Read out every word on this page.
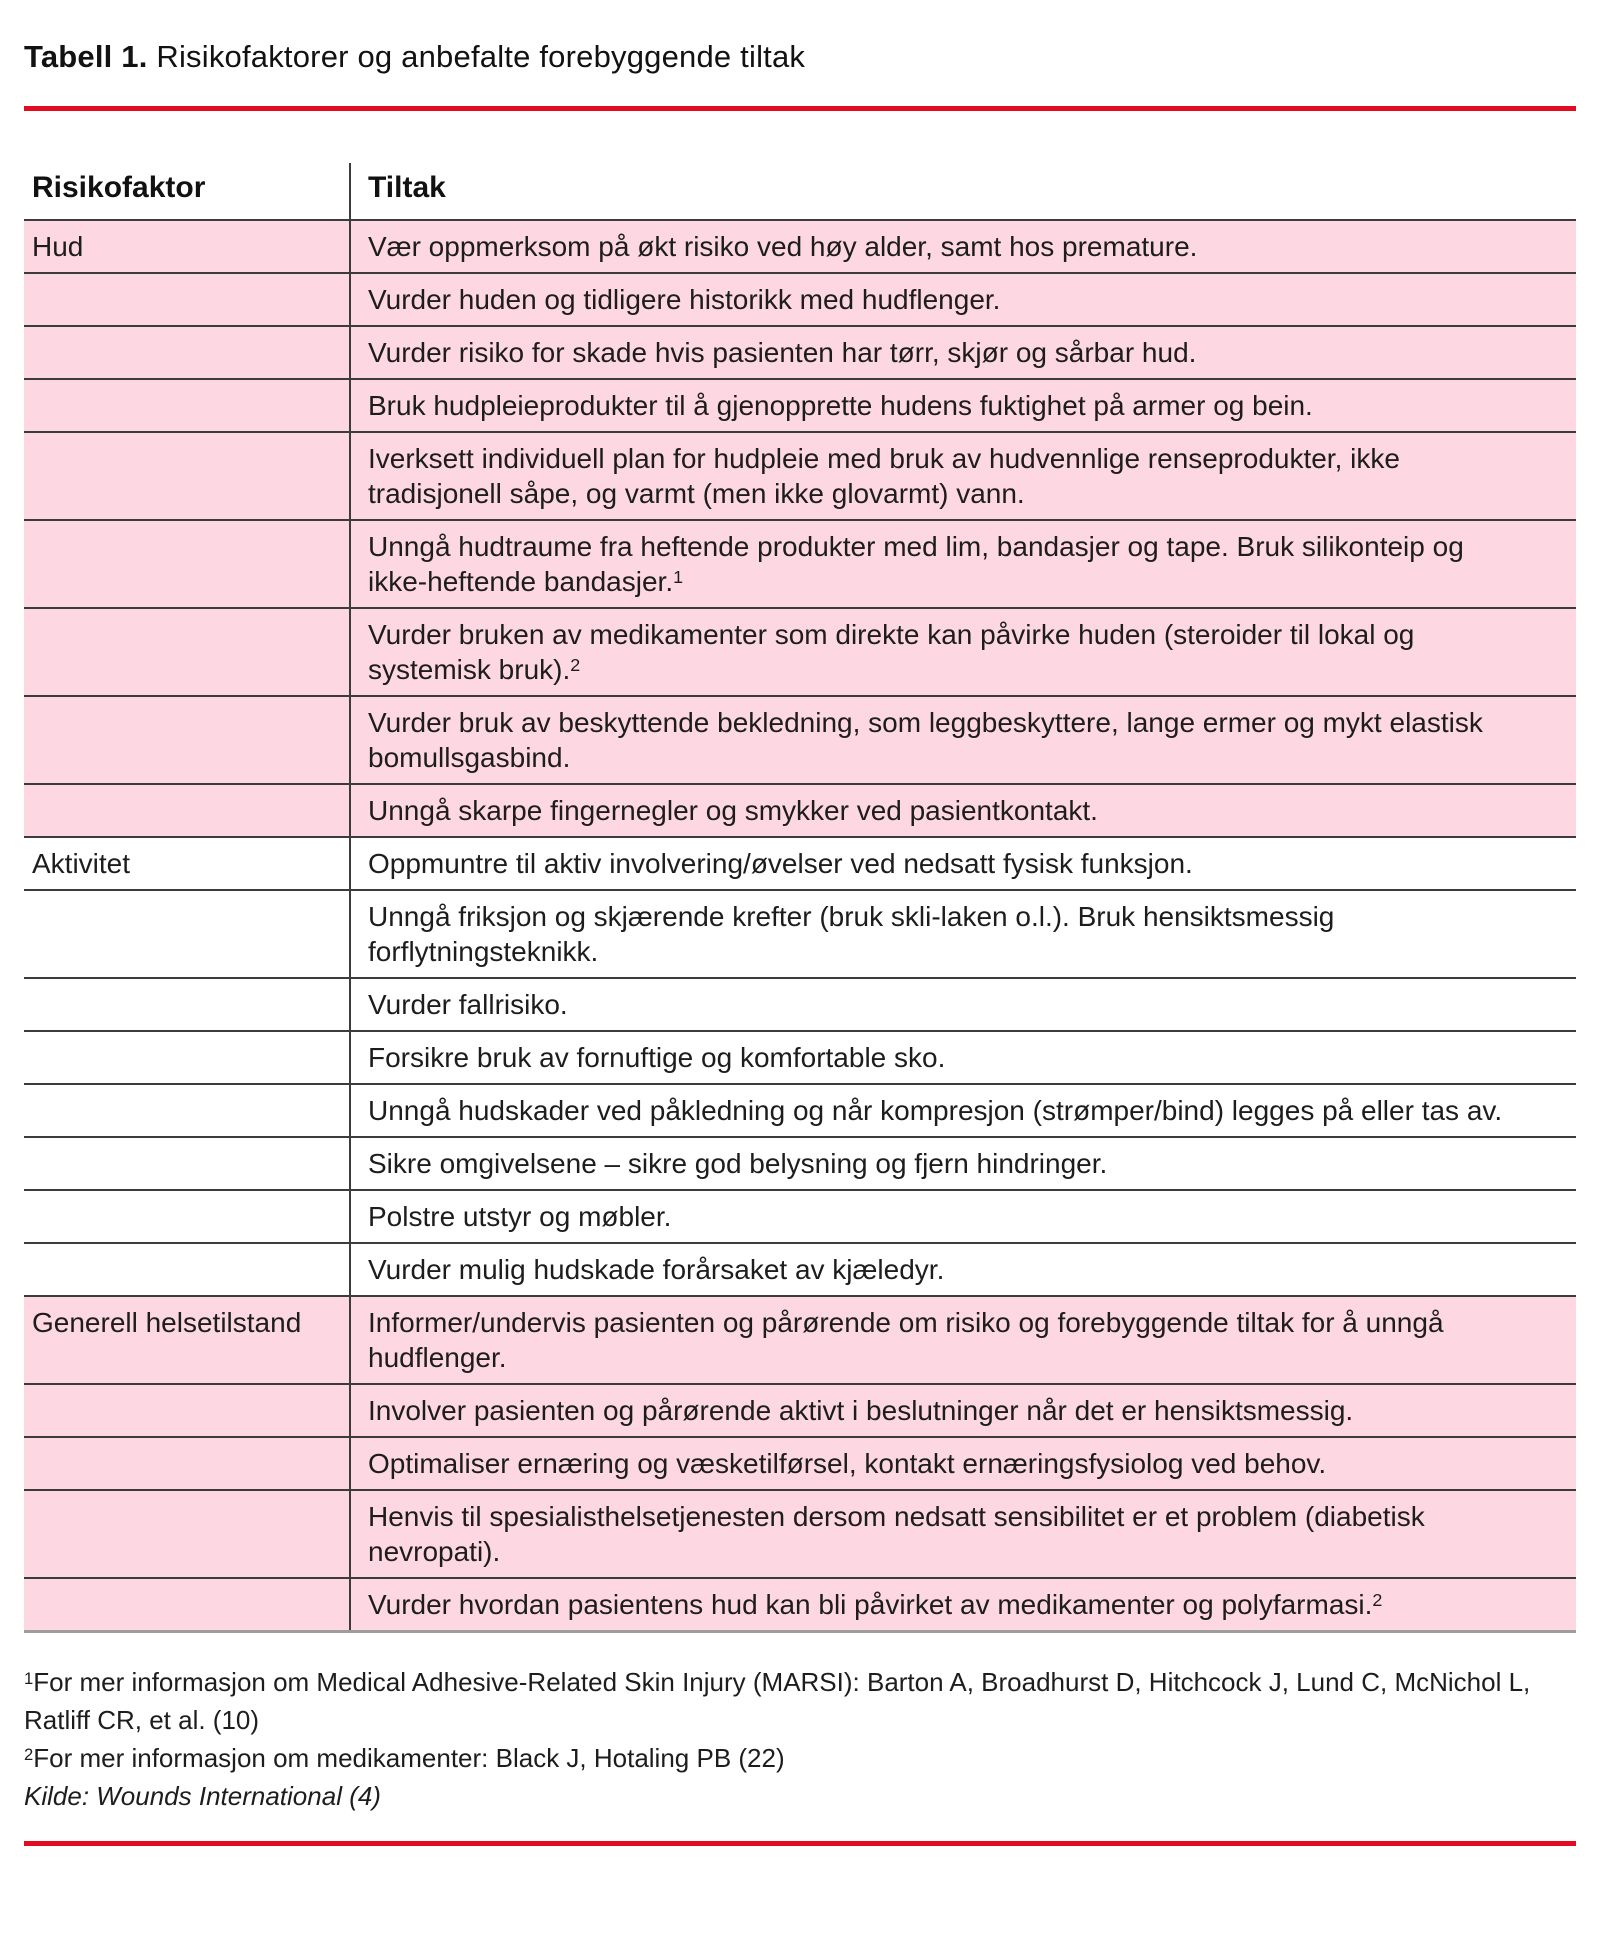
Tabell 1. Risikofaktorer og anbefalte forebyggende tiltak
Risikofaktor	Tiltak
Hud	Vær oppmerksom på økt risiko ved høy alder, samt hos premature.
	Vurder huden og tidligere historikk med hudflenger.
	Vurder risiko for skade hvis pasienten har tørr, skjør og sårbar hud.
	Bruk hudpleieprodukter til å gjenopprette hudens fuktighet på armer og bein.
	Iverksett individuell plan for hudpleie med bruk av hudvennlige renseprodukter, ikke tradisjonell såpe, og varmt (men ikke glovarmt) vann.
	Unngå hudtraume fra heftende produkter med lim, bandasjer og tape. Bruk silikonteip og ikke-heftende bandasjer.$^1$
	Vurder bruken av medikamenter som direkte kan påvirke huden (steroider til lokal og systemisk bruk).$^2$
	Vurder bruk av beskyttende bekledning, som leggbeskyttere, lange ermer og mykt elastisk bomullsgasbind.
	Unngå skarpe fingernegler og smykker ved pasientkontakt.
Aktivitet	Oppmuntre til aktiv involvering/øvelser ved nedsatt fysisk funksjon.
	Unngå friksjon og skjærende krefter (bruk skli-laken o.l.). Bruk hensiktsmessig forflytningsteknikk.
	Vurder fallrisiko.
	Forsikre bruk av fornuftige og komfortable sko.
	Unngå hudskader ved påkledning og når kompresjon (strømper/bind) legges på eller tas av.
	Sikre omgivelsene – sikre god belysning og fjern hindringer.
	Polstre utstyr og møbler.
	Vurder mulig hudskade forårsaket av kjæledyr.
Generell helsetilstand	Informer/undervis pasienten og pårørende om risiko og forebyggende tiltak for å unngå hudflenger.
	Involver pasienten og pårørende aktivt i beslutninger når det er hensiktsmessig.
	Optimaliser ernæring og væsketilførsel, kontakt ernæringsfysiolog ved behov.
	Henvis til spesialisthelsetjenesten dersom nedsatt sensibilitet er et problem (diabetisk nevropati).
	Vurder hvordan pasientens hud kan bli påvirket av medikamenter og polyfarmasi.$^2$
$^1$For mer informasjon om Medical Adhesive-Related Skin Injury (MARSI): Barton A, Broadhurst D, Hitchcock J, Lund C, McNichol L, Ratliff CR, et al. (10)
$^2$For mer informasjon om medikamenter: Black J, Hotaling PB (22)
Kilde: Wounds International (4)
